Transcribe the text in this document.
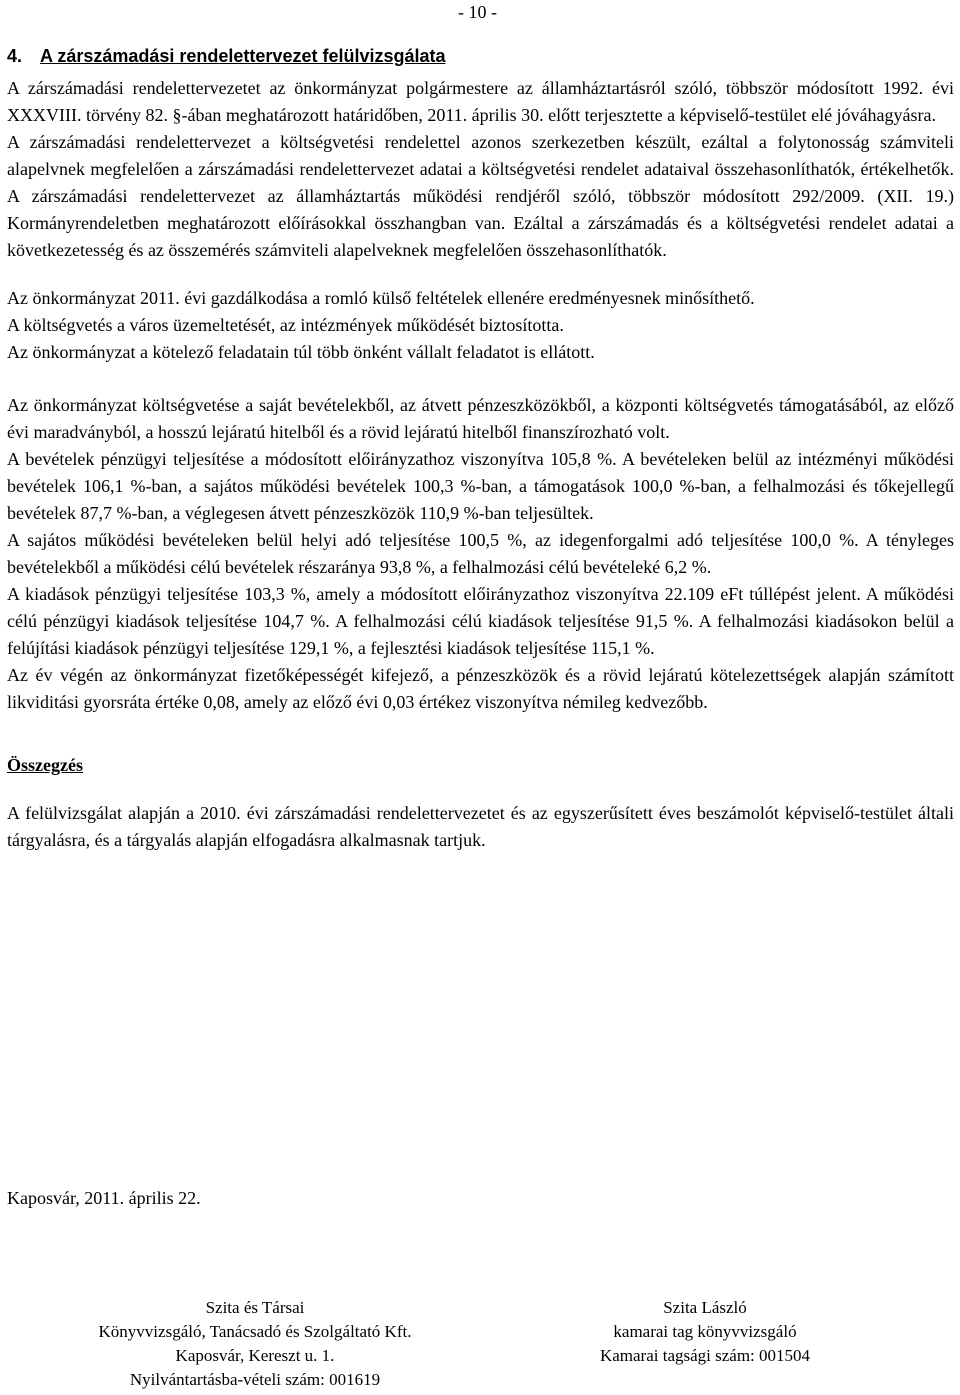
- 10 -
4. A zárszámadási rendelettervezet felülvizsgálata

A zárszámadási rendelettervezetet az önkormányzat polgármestere az államháztartásról szóló, többször módosított 1992. évi XXXVIII. törvény 82. §-ában meghatározott határidőben, 2011. április 30. előtt terjesztette a képviselő-testület elé jóváhagyásra.

A zárszámadási rendelettervezet a költségvetési rendelettel azonos szerkezetben készült, ezáltal a folytonosság számviteli alapelvnek megfelelően a zárszámadási rendelettervezet adatai a költségvetési rendelet adataival összehasonlíthatók, értékelhetők. A zárszámadási rendelettervezet az államháztartás működési rendjéről szóló, többször módosított 292/2009. (XII. 19.) Kormányrendeletben meghatározott előírásokkal összhangban van. Ezáltal a zárszámadás és a költségvetési rendelet adatai a következetesség és az összemérés számviteli alapelveknek megfelelően összehasonlíthatók.

Az önkormányzat 2011. évi gazdálkodása a romló külső feltételek ellenére eredményesnek minősíthető.

A költségvetés a város üzemeltetését, az intézmények működését biztosította.

Az önkormányzat a kötelező feladatain túl több önként vállalt feladatot is ellátott.

Az önkormányzat költségvetése a saját bevételekből, az átvett pénzeszközökből, a központi költségvetés támogatásából, az előző évi maradványból, a hosszú lejáratú hitelből és a rövid lejáratú hitelből finanszírozható volt.

A bevételek pénzügyi teljesítése a módosított előirányzathoz viszonyítva 105,8 %. A bevételeken belül az intézményi működési bevételek 106,1 %-ban, a sajátos működési bevételek 100,3 %-ban, a támogatások 100,0 %-ban, a felhalmozási és tőkejellegű bevételek 87,7 %-ban, a véglegesen átvett pénzeszközök 110,9 %-ban teljesültek.

A sajátos működési bevételeken belül helyi adó teljesítése 100,5 %, az idegenforgalmi adó teljesítése 100,0 %. A tényleges bevételekből a működési célú bevételek részaránya 93,8 %, a felhalmozási célú bevételeké 6,2 %.

A kiadások pénzügyi teljesítése 103,3 %, amely a módosított előirányzathoz viszonyítva 22.109 eFt túllépést jelent. A működési célú pénzügyi kiadások teljesítése 104,7 %. A felhalmozási célú kiadások teljesítése 91,5 %. A felhalmozási kiadásokon belül a felújítási kiadások pénzügyi teljesítése 129,1 %, a fejlesztési kiadások teljesítése 115,1 %.

Az év végén az önkormányzat fizetőképességét kifejező, a pénzeszközök és a rövid lejáratú kötelezettségek alapján számított likviditási gyorsráta értéke 0,08, amely az előző évi 0,03 értékez viszonyítva némileg kedvezőbb.

Összegzés

A felülvizsgálat alapján a 2010. évi zárszámadási rendelettervezetet és az egyszerűsített éves beszámolót képviselő-testület általi tárgyalásra, és a tárgyalás alapján elfogadásra alkalmasnak tartjuk.

Kaposvár, 2011. április 22.
Szita és Társai
Könyvvizsgáló, Tanácsadó és Szolgáltató Kft.
Kaposvár, Kereszt u. 1.
Nyilvántartásba-vételi szám: 001619
Szita László
kamarai tag könyvvizsgáló
Kamarai tagsági szám: 001504
